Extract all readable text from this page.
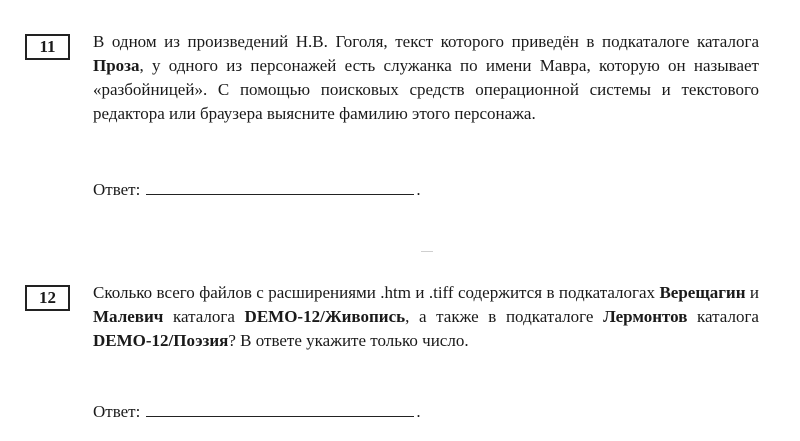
11	В одном из произведений Н.В. Гоголя, текст которого приведён в подкаталоге каталога Проза, у одного из персонажей есть служанка по имени Мавра, которую он называет «разбойницей». С помощью поисковых средств операционной системы и текстового редактора или браузера выясните фамилию этого персонажа.
Ответ:	.
12	Сколько всего файлов с расширениями .htm и .tiff содержится в подкаталогах Верещагин и Малевич каталога DEMO-12/Живопись, а также в подкаталоге Лермонтов каталога DEMO-12/Поэзия? В ответе укажите только число.
Ответ:	.
